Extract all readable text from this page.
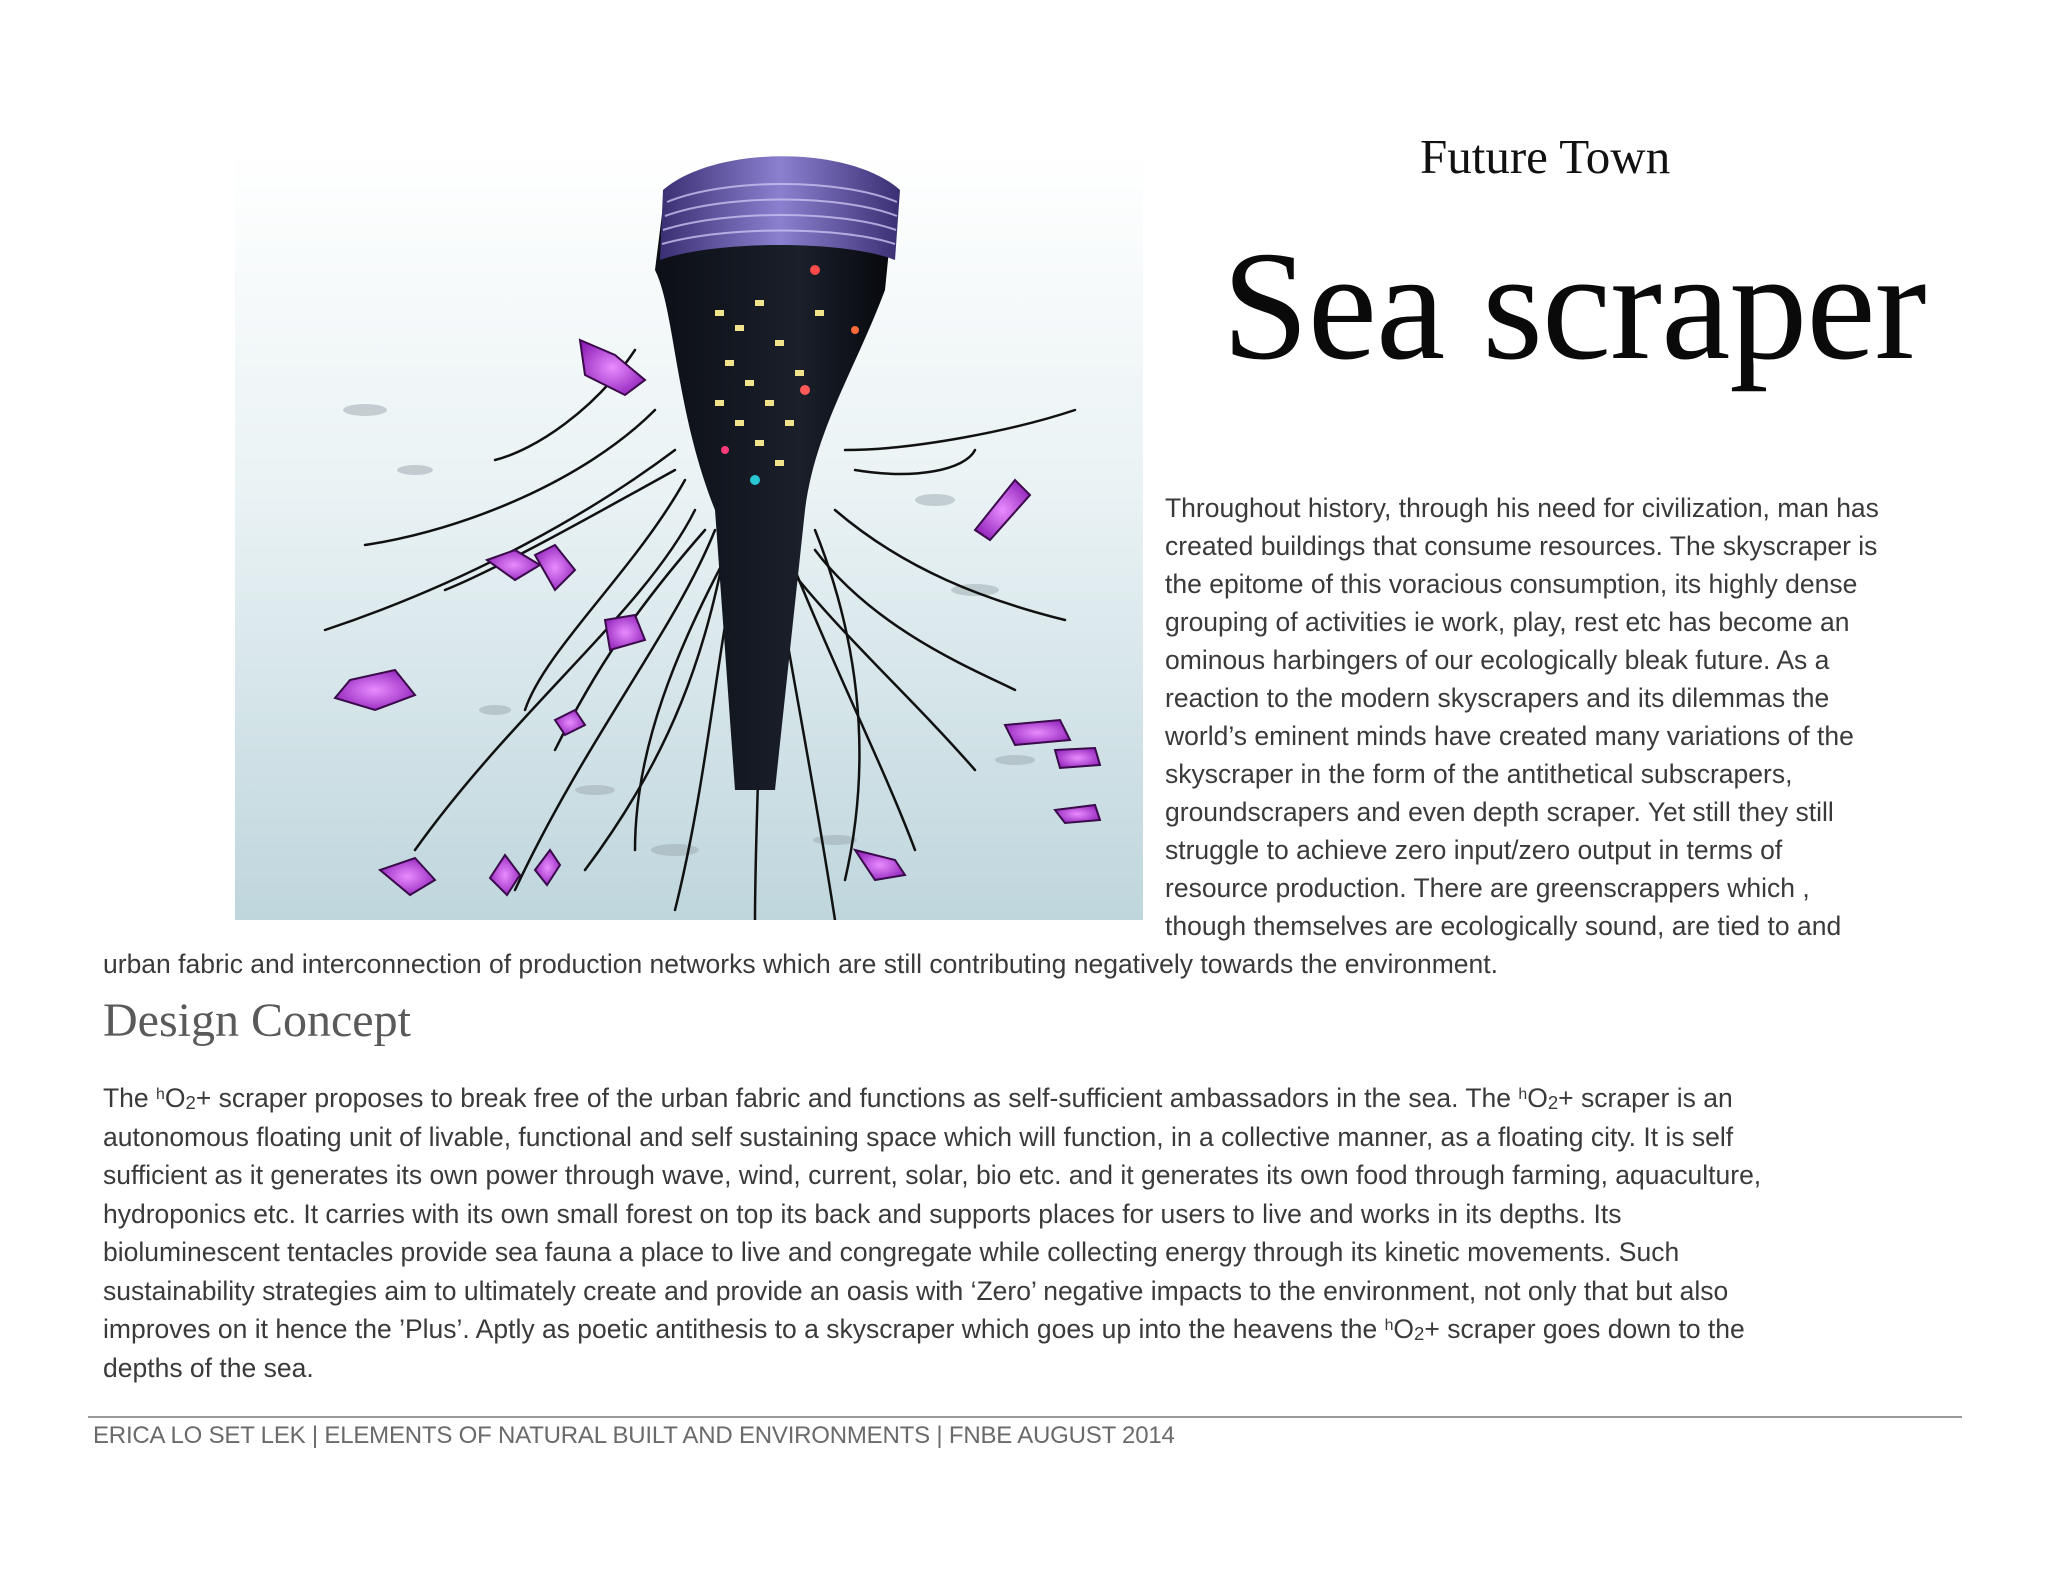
Future Town
Sea scraper
Throughout history, through his need for civilization, man has
created buildings that consume resources. The skyscraper is
the epitome of this voracious consumption, its highly dense
grouping of activities ie work, play, rest etc has become an
ominous harbingers of our ecologically bleak future. As a
reaction to the modern skyscrapers and its dilemmas the
world’s eminent minds have created many variations of the
skyscraper in the form of the antithetical subscrapers,
groundscrapers and even depth scraper. Yet still they still
struggle to achieve zero input/zero output in terms of
resource production. There are greenscrappers which ,
though themselves are ecologically sound, are tied to and
urban fabric and interconnection of production networks which are still contributing negatively towards the environment.
Design Concept
The $^hO_2+$ scraper proposes to break free of the urban fabric and functions as self-sufficient ambassadors in the sea. The $^hO_2+$ scraper is an
autonomous floating unit of livable, functional and self sustaining space which will function, in a collective manner, as a floating city. It is self
sufficient as it generates its own power through wave, wind, current, solar, bio etc. and it generates its own food through farming, aquaculture,
hydroponics etc. It carries with its own small forest on top its back and supports places for users to live and works in its depths. Its
bioluminescent tentacles provide sea fauna a place to live and congregate while collecting energy through its kinetic movements. Such
sustainability strategies aim to ultimately create and provide an oasis with ‘Zero’ negative impacts to the environment, not only that but also
improves on it hence the ’Plus’. Aptly as poetic antithesis to a skyscraper which goes up into the heavens the $^hO_2+$ scraper goes down to the
depths of the sea.
ERICA LO SET LEK | ELEMENTS OF NATURAL BUILT AND ENVIRONMENTS | FNBE AUGUST 2014
